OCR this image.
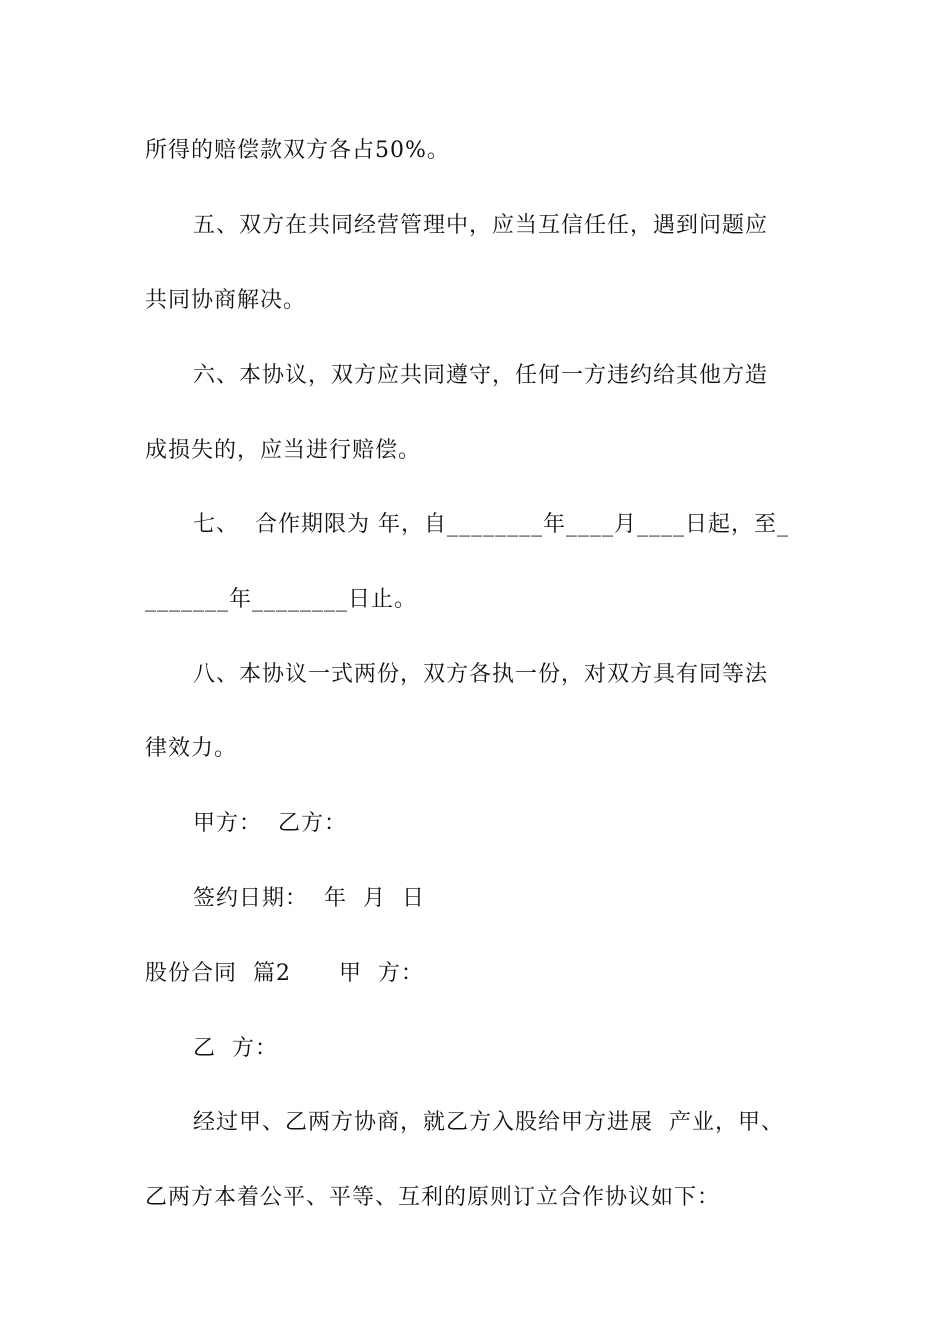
所得的赔偿款双方各占50%。
五、双方在共同经营管理中，应当互信任任，遇到问题应
共同协商解决。
六、本协议，双方应共同遵守，任何一方违约给其他方造
成损失的，应当进行赔偿。
七、  合作期限为 年，自________年____月____日起，至_
_______年________日止。
八、本协议一式两份，双方各执一份，对双方具有同等法
律效力。
甲方：  乙方：
签约日期：  年  月  日
股份合同  篇2      甲  方：
乙  方：
经过甲、乙两方协商，就乙方入股给甲方进展  产业，甲、
乙两方本着公平、平等、互利的原则订立合作协议如下：
